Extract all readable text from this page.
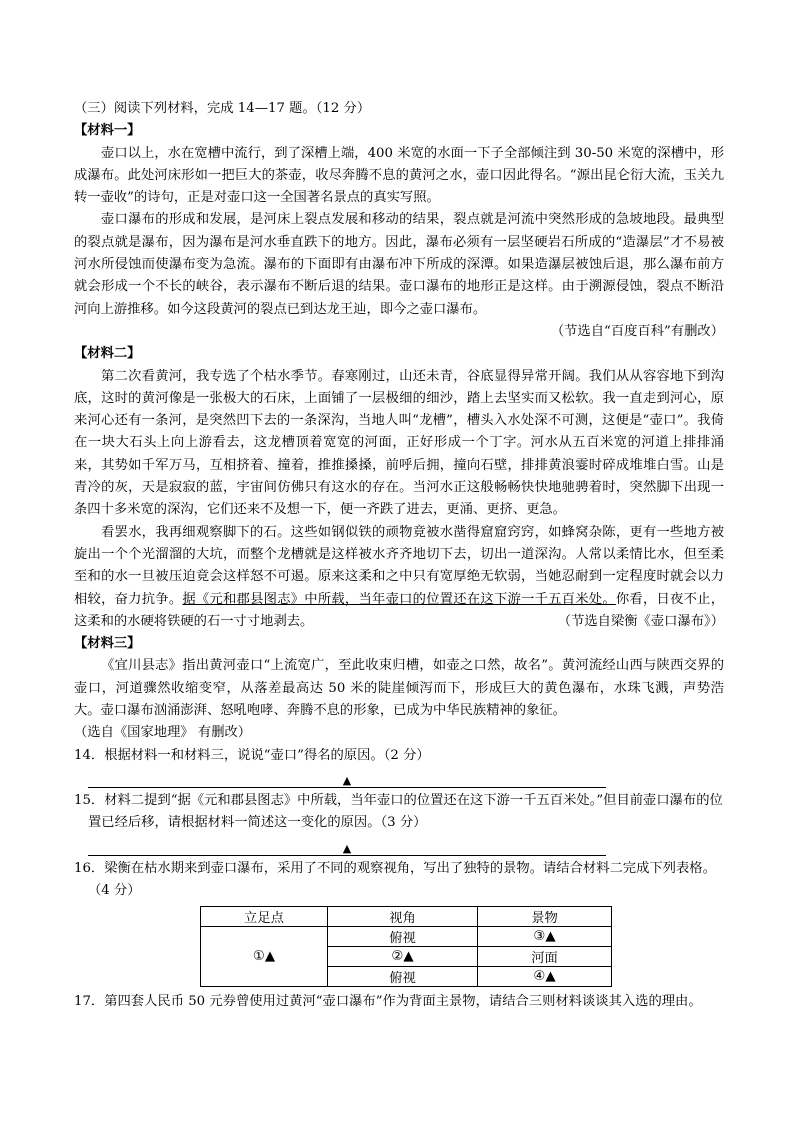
（三）阅读下列材料，完成 14—17 题。（12 分）

【材料一】

壶口以上，水在宽槽中流行，到了深槽上端，400 米宽的水面一下子全部倾注到 30-50 米宽的深槽中，形成瀑布。此处河床形如一把巨大的茶壶，收尽奔腾不息的黄河之水，壶口因此得名。“源出昆仑衍大流，玉关九转一壶收”的诗句，正是对壶口这一全国著名景点的真实写照。

壶口瀑布的形成和发展，是河床上裂点发展和移动的结果，裂点就是河流中突然形成的急坡地段。最典型的裂点就是瀑布，因为瀑布是河水垂直跌下的地方。因此，瀑布必须有一层坚硬岩石所成的“造瀑层”才不易被河水所侵蚀而使瀑布变为急流。瀑布的下面即有由瀑布冲下所成的深潭。如果造瀑层被蚀后退，那么瀑布前方就会形成一个不长的峡谷，表示瀑布不断后退的结果。壶口瀑布的地形正是这样。由于溯源侵蚀，裂点不断沿河向上游推移。如今这段黄河的裂点已到达龙王辿，即今之壶口瀑布。

（节选自“百度百科”有删改）

【材料二】

第二次看黄河，我专选了个枯水季节。春寒刚过，山还未青，谷底显得异常开阔。我们从从容容地下到沟底，这时的黄河像是一张极大的石床，上面铺了一层极细的细沙，踏上去坚实而又松软。我一直走到河心，原来河心还有一条河，是突然凹下去的一条深沟，当地人叫“龙槽”，槽头入水处深不可测，这便是“壶口”。我倚在一块大石头上向上游看去，这龙槽顶着宽宽的河面，正好形成一个丁字。河水从五百米宽的河道上排排涌来，其势如千军万马，互相挤着、撞着，推推搡搡，前呼后拥，撞向石壁，排排黄浪霎时碎成堆堆白雪。山是青冷的灰，天是寂寂的蓝，宇宙间仿佛只有这水的存在。当河水正这般畅畅快快地驰骋着时，突然脚下出现一条四十多米宽的深沟，它们还来不及想一下，便一齐跌了进去，更涌、更挤、更急。

看罢水，我再细观察脚下的石。这些如钢似铁的顽物竟被水凿得窟窟窍窍，如蜂窝杂陈，更有一些地方被旋出一个个光溜溜的大坑，而整个龙槽就是这样被水齐齐地切下去，切出一道深沟。人常以柔情比水，但至柔至和的水一旦被压迫竟会这样怒不可遏。原来这柔和之中只有宽厚绝无软弱，当她忍耐到一定程度时就会以力相较，奋力抗争。据《元和郡县图志》中所载，当年壶口的位置还在这下游一千五百米处。你看，日夜不止，这柔和的水硬将铁硬的石一寸寸地剥去。	（节选自梁衡《壶口瀑布》）

【材料三】

《宜川县志》指出黄河壶口“上流宽广，至此收束归槽，如壶之口然，故名”。黄河流经山西与陕西交界的壶口，河道骤然收缩变窄，从落差最高达 50 米的陡崖倾泻而下，形成巨大的黄色瀑布，水珠飞溅，声势浩大。壶口瀑布汹涌澎湃、怒吼咆哮、奔腾不息的形象，已成为中华民族精神的象征。

（选自《国家地理》 有删改）

14．根据材料一和材料三，说说“壶口”得名的原因。（2 分）

▲

15．材料二提到“据《元和郡县图志》中所载，当年壶口的位置还在这下游一千五百米处。”但目前壶口瀑布的位置已经后移，请根据材料一简述这一变化的原因。（3 分）

▲

16．梁衡在枯水期来到壶口瀑布，采用了不同的观察视角，写出了独特的景物。请结合材料二完成下列表格。（4 分）

立足点	视角	景物
①▲	俯视	③▲
	②▲	河面
	俯视	④▲

17．第四套人民币 50 元券曾使用过黄河“壶口瀑布”作为背面主景物，请结合三则材料谈谈其入选的理由。
